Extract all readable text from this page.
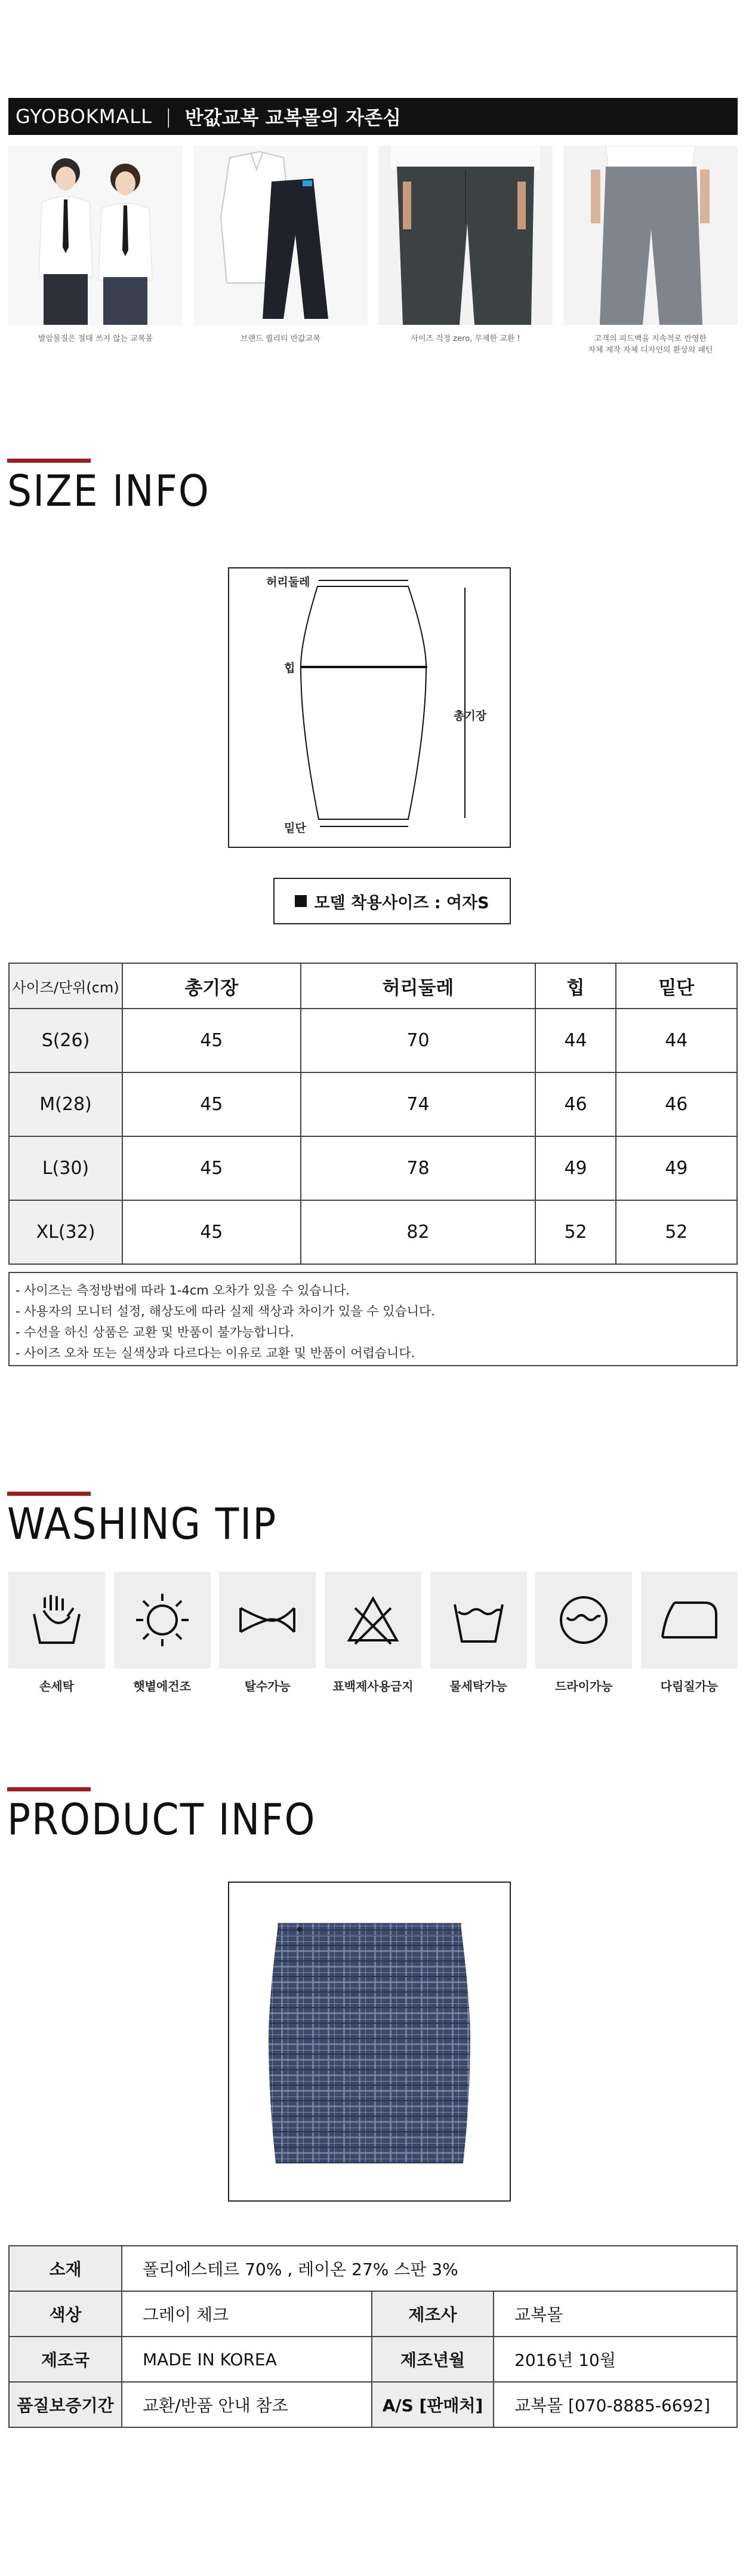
GYOBOKMALL | 반값교복 교복몰의 자존심
발암물질은 절대 쓰지 않는 교복몰	브랜드 퀄리티 반값교복	사이즈 걱정 zero, 무제한 교환 !	고객의 피드백을 지속적로 반영한
자체 제작 자체 디자인의 환상의 패턴
SIZE INFO
허리둘레
힙
총기장
밑단
모델 착용사이즈 : 여자S
사이즈/단위(cm)	총기장	허리둘레	힙	밑단
S(26)	45	70	44	44
M(28)	45	74	46	46
L(30)	45	78	49	49
XL(32)	45	82	52	52
- 사이즈는 측정방법에 따라 1-4cm 오차가 있을 수 있습니다.
- 사용자의 모니터 설정, 해상도에 따라 실제 색상과 차이가 있을 수 있습니다.
- 수선을 하신 상품은 교환 및 반품이 불가능합니다.
- 사이즈 오차 또는 실색상과 다르다는 이유로 교환 및 반품이 어렵습니다.
WASHING TIP
손세탁	햇볕에건조	탈수가능	표백제사용금지	물세탁가능	드라이가능	다림질가능
PRODUCT INFO
소재	폴리에스테르 70% , 레이온 27% 스판 3%		
색상	그레이 체크	제조사	교복몰
제조국	MADE IN KOREA	제조년월	2016년 10월
품질보증기간	교환/반품 안내 참조	A/S [판매처]	교복몰 [070-8885-6692]
